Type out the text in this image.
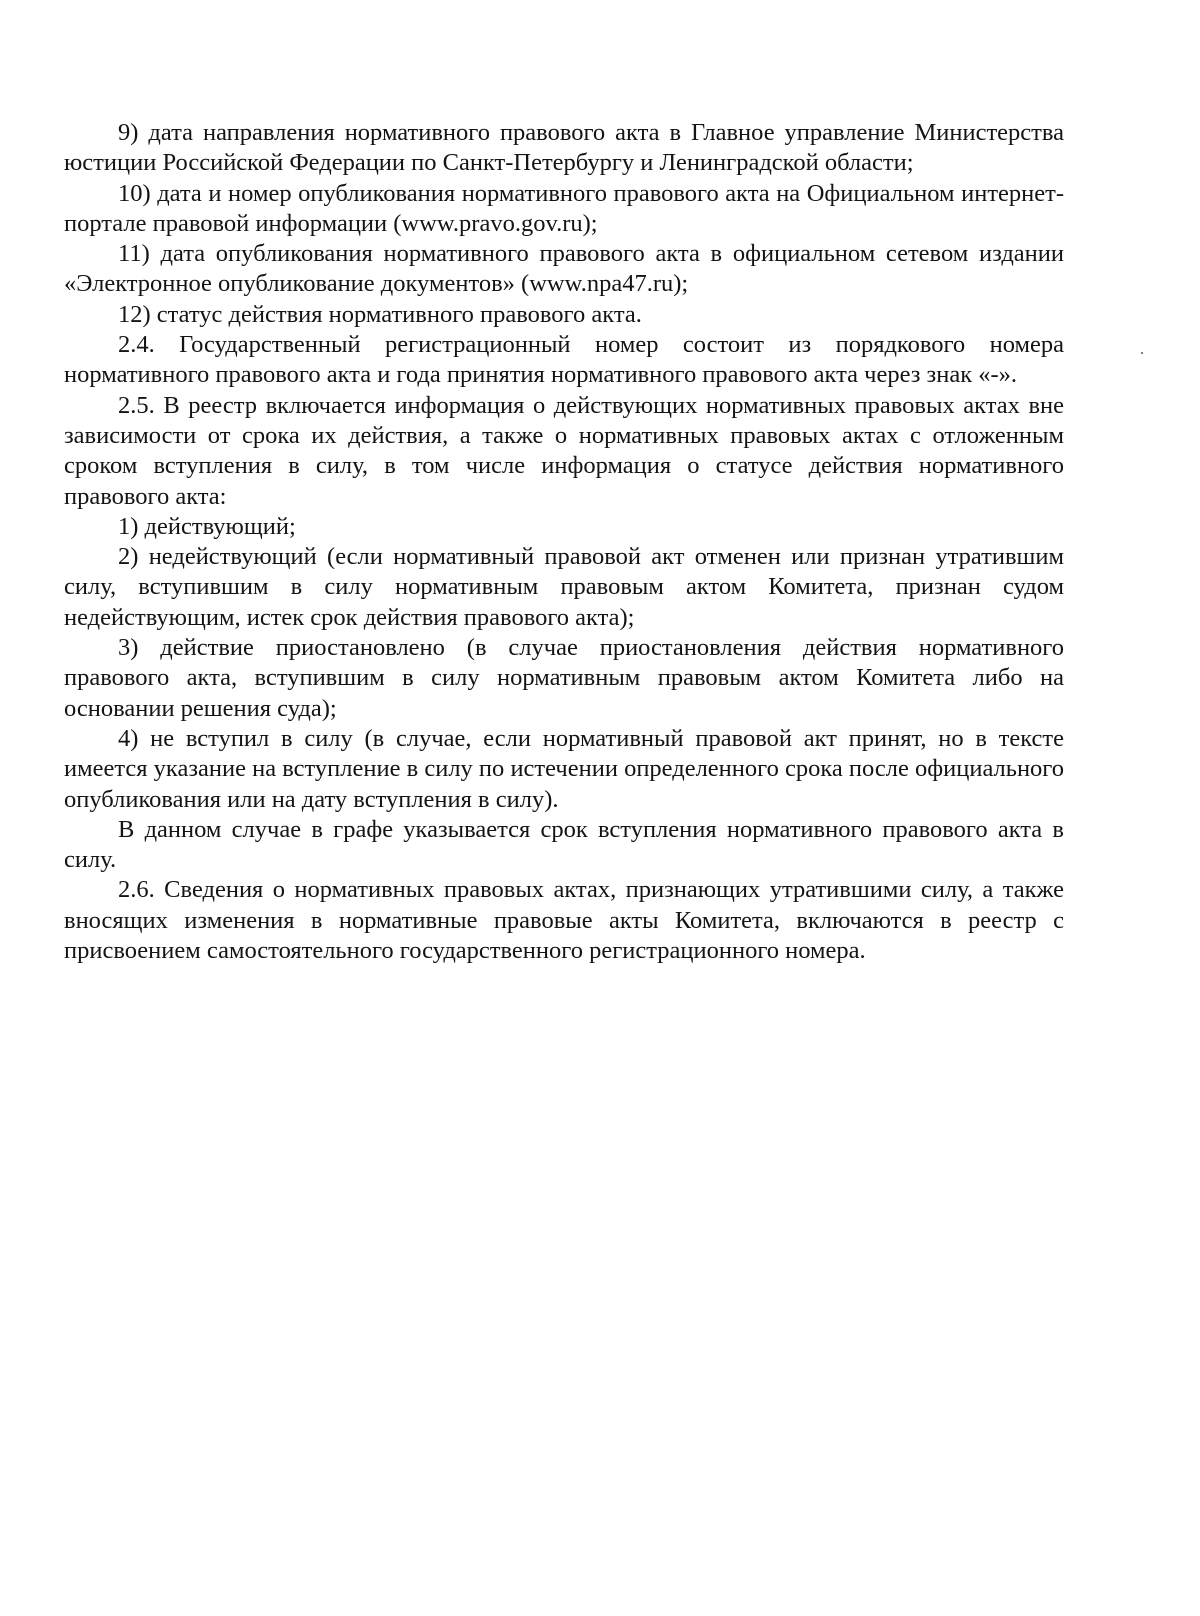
9) дата направления нормативного правового акта в Главное управление Министерства юстиции Российской Федерации по Санкт-Петербургу и Ленинградской области;

10) дата и номер опубликования нормативного правового акта на Официальном интернет-портале правовой информации (www.pravo.gov.ru);

11) дата опубликования нормативного правового акта в официальном сетевом издании «Электронное опубликование документов» (www.npa47.ru);

12) статус действия нормативного правового акта.

2.4. Государственный регистрационный номер состоит из порядкового номера нормативного правового акта и года принятия нормативного правового акта через знак «-».

2.5. В реестр включается информация о действующих нормативных правовых актах вне зависимости от срока их действия, а также о нормативных правовых актах с отложенным сроком вступления в силу, в том числе информация о статусе действия нормативного правового акта:

1) действующий;

2) недействующий (если нормативный правовой акт отменен или признан утратившим силу, вступившим в силу нормативным правовым актом Комитета, признан судом недействующим, истек срок действия правового акта);

3) действие приостановлено (в случае приостановления действия нормативного правового акта, вступившим в силу нормативным правовым актом Комитета либо на основании решения суда);

4) не вступил в силу (в случае, если нормативный правовой акт принят, но в тексте имеется указание на вступление в силу по истечении определенного срока после официального опубликования или на дату вступления в силу).

В данном случае в графе указывается срок вступления нормативного правового акта в силу.

2.6. Сведения о нормативных правовых актах, признающих утратившими силу, а также вносящих изменения в нормативные правовые акты Комитета, включаются в реестр с присвоением самостоятельного государственного регистрационного номера.
